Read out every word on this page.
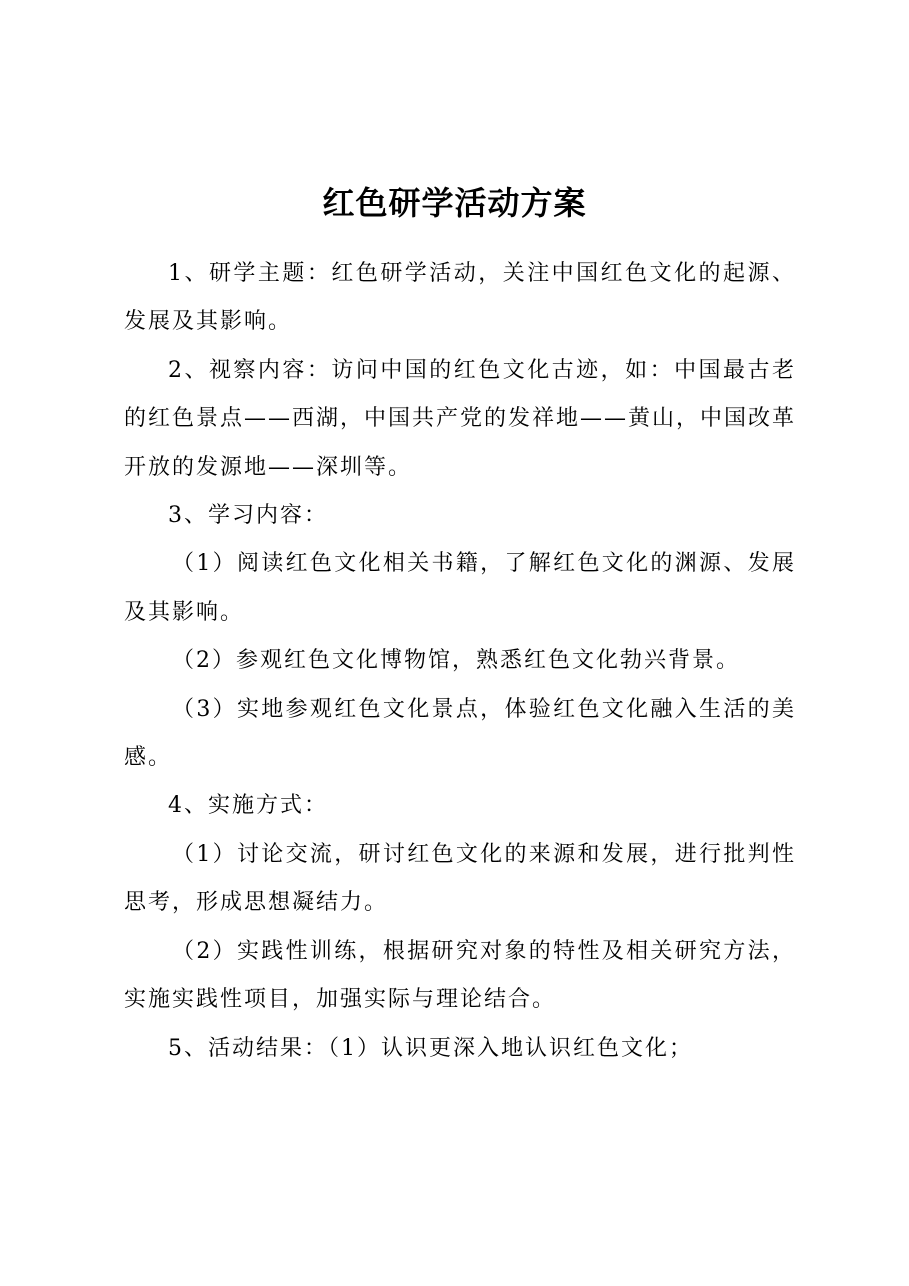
红色研学活动方案

1、研学主题：红色研学活动，关注中国红色文化的起源、发展及其影响。

2、视察内容：访问中国的红色文化古迹，如：中国最古老的红色景点——西湖，中国共产党的发祥地——黄山，中国改革开放的发源地——深圳等。

3、学习内容：

（1）阅读红色文化相关书籍，了解红色文化的渊源、发展及其影响。

（2）参观红色文化博物馆，熟悉红色文化勃兴背景。

（3）实地参观红色文化景点，体验红色文化融入生活的美感。

4、实施方式：

（1）讨论交流，研讨红色文化的来源和发展，进行批判性思考，形成思想凝结力。

（2）实践性训练，根据研究对象的特性及相关研究方法，实施实践性项目，加强实际与理论结合。

5、活动结果：（1）认识更深入地认识红色文化；
